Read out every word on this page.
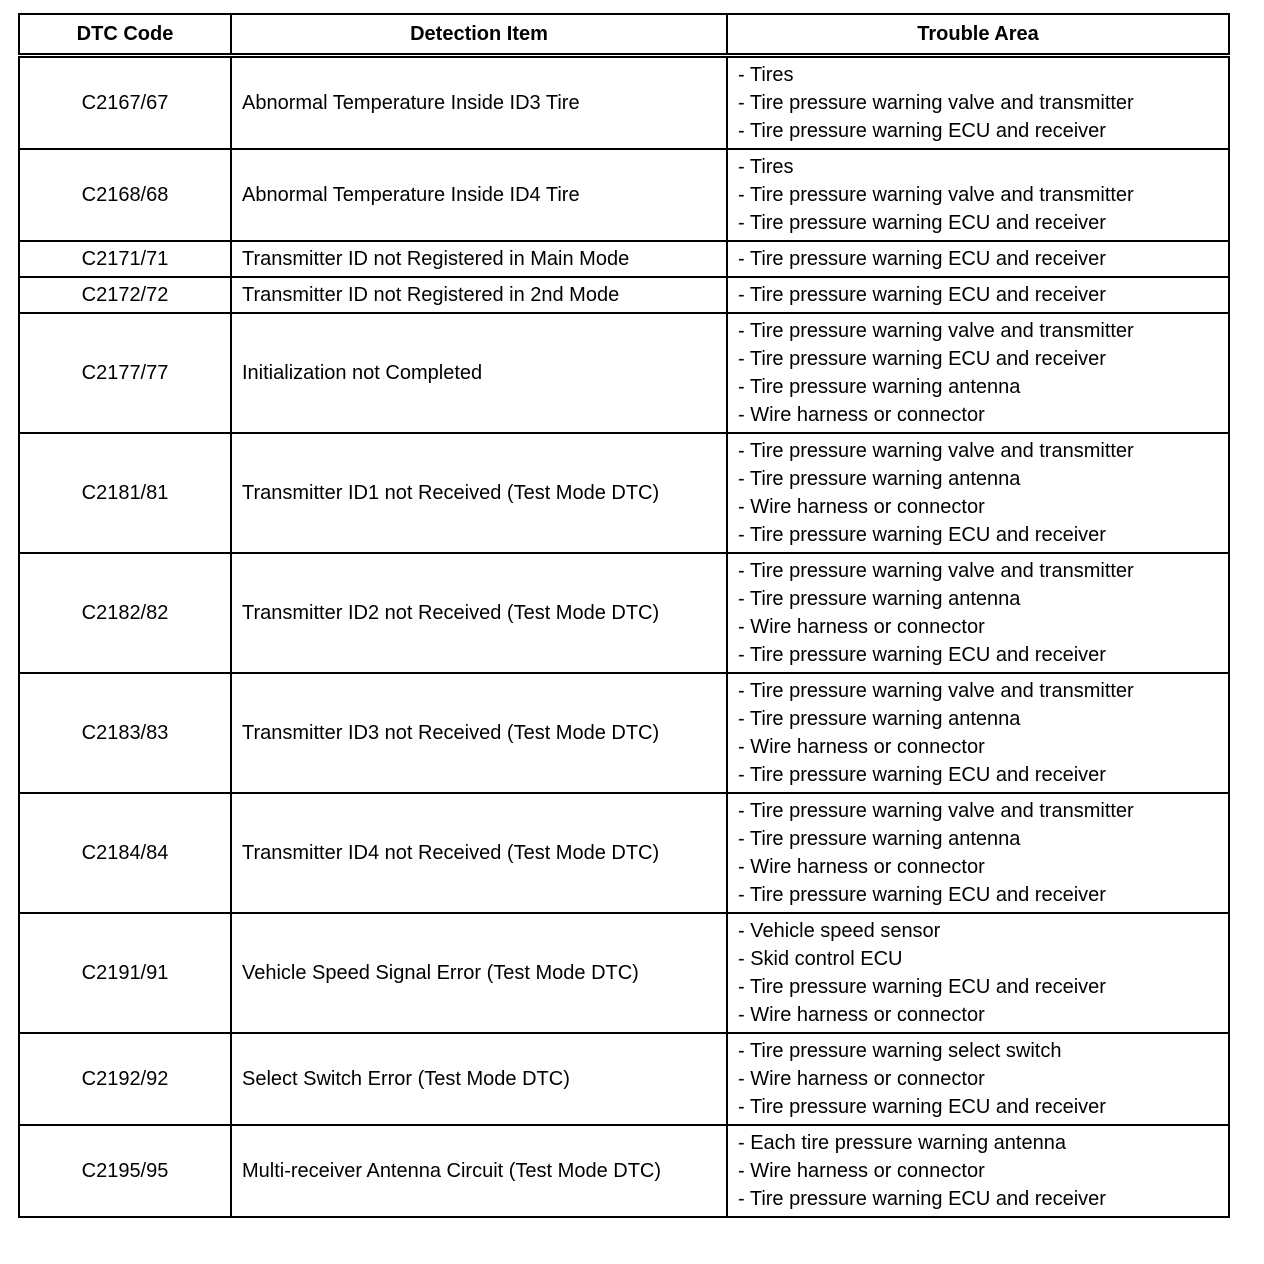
DTC Code	Detection Item	Trouble Area
C2167/67	Abnormal Temperature Inside ID3 Tire	- Tires
- Tire pressure warning valve and transmitter
- Tire pressure warning ECU and receiver

C2168/68	Abnormal Temperature Inside ID4 Tire	- Tires
- Tire pressure warning valve and transmitter
- Tire pressure warning ECU and receiver

C2171/71	Transmitter ID not Registered in Main Mode	- Tire pressure warning ECU and receiver

C2172/72	Transmitter ID not Registered in 2nd Mode	- Tire pressure warning ECU and receiver

C2177/77	Initialization not Completed	- Tire pressure warning valve and transmitter
- Tire pressure warning ECU and receiver
- Tire pressure warning antenna
- Wire harness or connector

C2181/81	Transmitter ID1 not Received (Test Mode DTC)	- Tire pressure warning valve and transmitter
- Tire pressure warning antenna
- Wire harness or connector
- Tire pressure warning ECU and receiver

C2182/82	Transmitter ID2 not Received (Test Mode DTC)	- Tire pressure warning valve and transmitter
- Tire pressure warning antenna
- Wire harness or connector
- Tire pressure warning ECU and receiver

C2183/83	Transmitter ID3 not Received (Test Mode DTC)	- Tire pressure warning valve and transmitter
- Tire pressure warning antenna
- Wire harness or connector
- Tire pressure warning ECU and receiver

C2184/84	Transmitter ID4 not Received (Test Mode DTC)	- Tire pressure warning valve and transmitter
- Tire pressure warning antenna
- Wire harness or connector
- Tire pressure warning ECU and receiver

C2191/91	Vehicle Speed Signal Error (Test Mode DTC)	- Vehicle speed sensor
- Skid control ECU
- Tire pressure warning ECU and receiver
- Wire harness or connector

C2192/92	Select Switch Error (Test Mode DTC)	- Tire pressure warning select switch
- Wire harness or connector
- Tire pressure warning ECU and receiver

C2195/95	Multi-receiver Antenna Circuit (Test Mode DTC)	- Each tire pressure warning antenna
- Wire harness or connector
- Tire pressure warning ECU and receiver
